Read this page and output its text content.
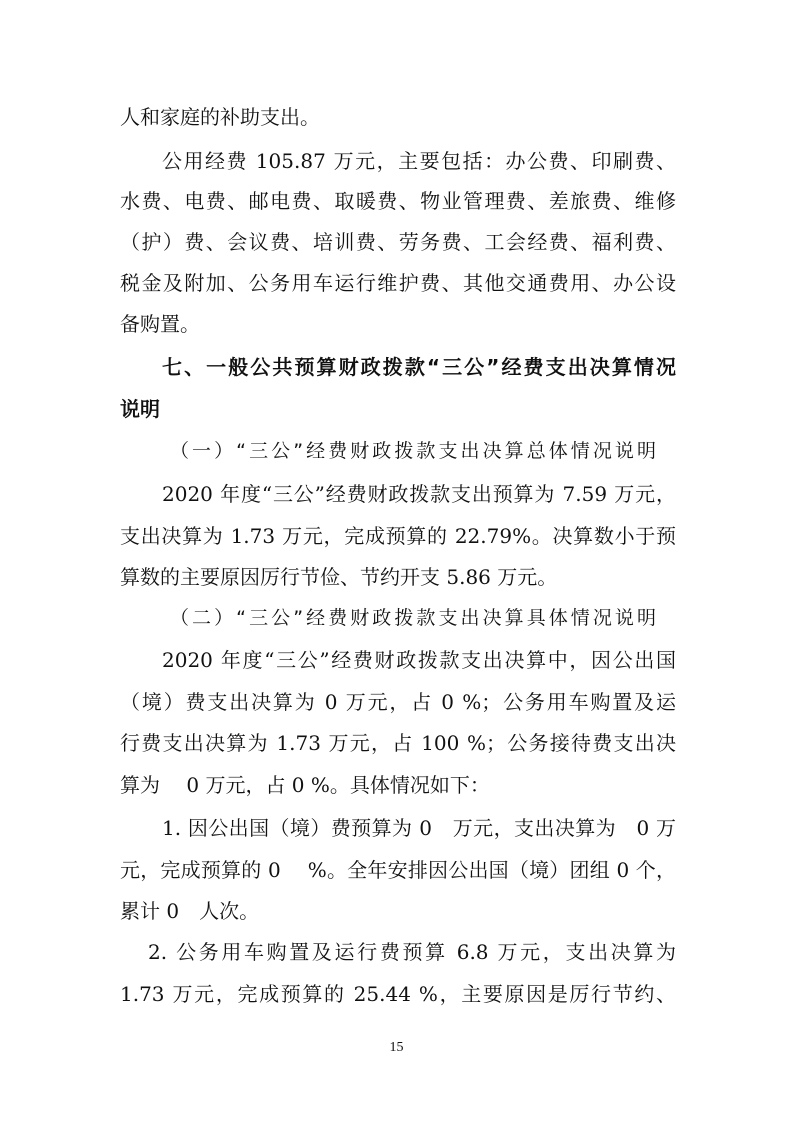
人和家庭的补助支出。
公用经费 105.87 万元，主要包括：办公费、印刷费、
水费、电费、邮电费、取暖费、物业管理费、差旅费、维修
（护）费、会议费、培训费、劳务费、工会经费、福利费、
税金及附加、公务用车运行维护费、其他交通费用、办公设
备购置。
七、一般公共预算财政拨款“三公”经费支出决算情况
说明
（一）“三公”经费财政拨款支出决算总体情况说明
2020 年度“三公”经费财政拨款支出预算为 7.59 万元，
支出决算为 1.73 万元，完成预算的 22.79%。决算数小于预
算数的主要原因厉行节俭、节约开支 5.86 万元。
（二）“三公”经费财政拨款支出决算具体情况说明
2020 年度“三公”经费财政拨款支出决算中，因公出国
（境）费支出决算为 0 万元，占 0 %；公务用车购置及运
行费支出决算为 1.73 万元，占 100 %；公务接待费支出决
算为　 0 万元，占 0 %。具体情况如下：
1. 因公出国（境）费预算为 0　万元，支出决算为　0 万
元，完成预算的 0　 %。全年安排因公出国（境）团组 0 个，
累计 0　人次。
2. 公务用车购置及运行费预算 6.8 万元，支出决算为
1.73 万元，完成预算的 25.44 %，主要原因是厉行节约、
15
